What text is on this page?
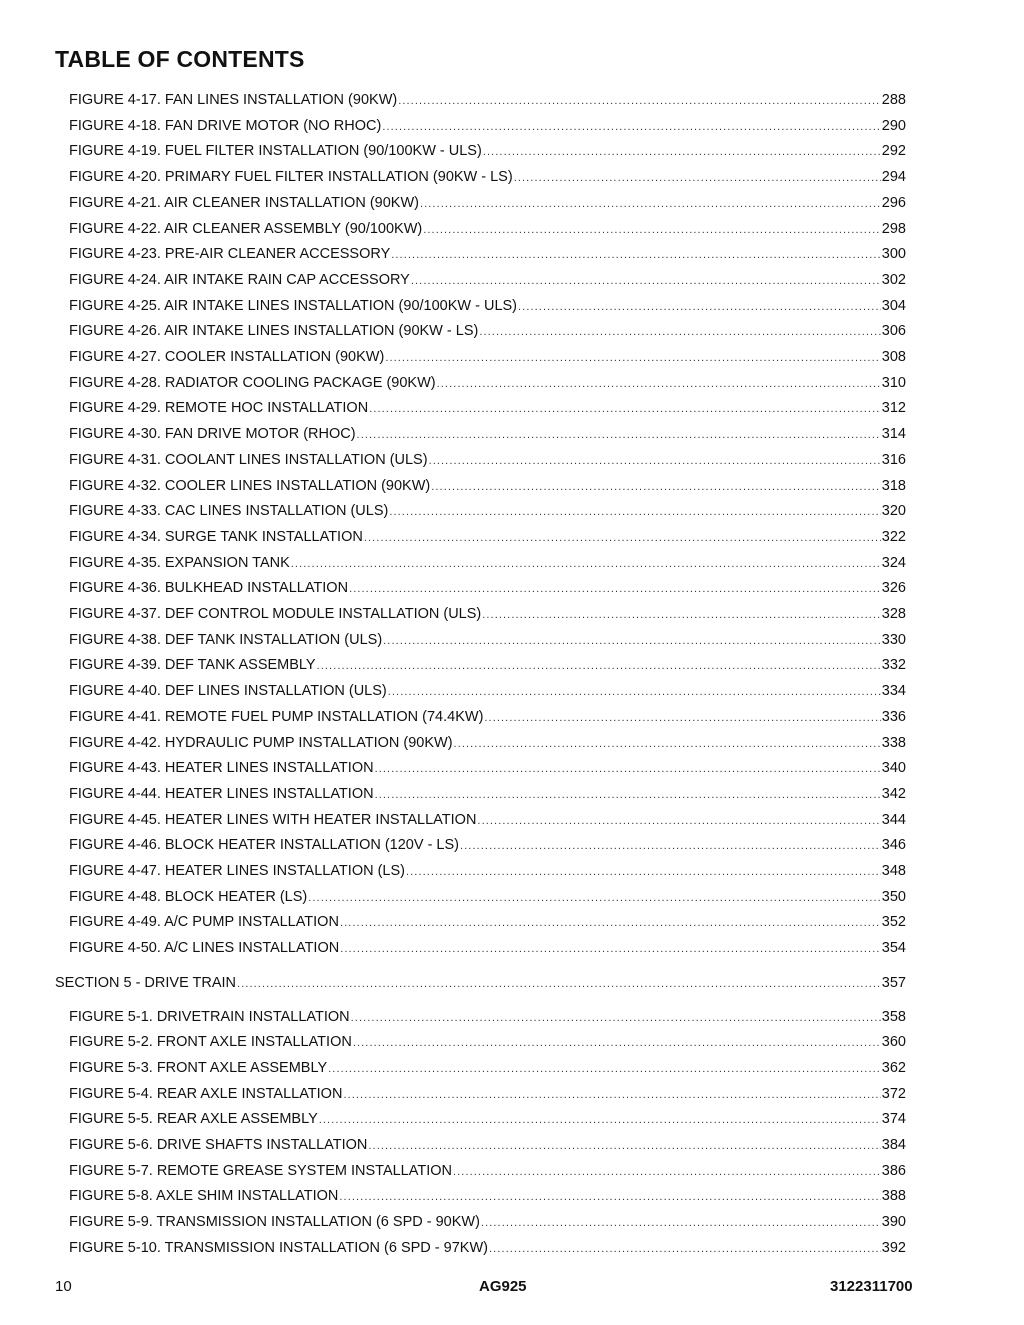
TABLE OF CONTENTS
FIGURE 4-17. FAN LINES INSTALLATION (90KW) .....	288
FIGURE 4-18. FAN DRIVE MOTOR (NO RHOC) .....	290
FIGURE 4-19. FUEL FILTER INSTALLATION (90/100KW - ULS) .....	292
FIGURE 4-20. PRIMARY FUEL FILTER INSTALLATION (90KW - LS) .....	294
FIGURE 4-21. AIR CLEANER INSTALLATION (90KW) .....	296
FIGURE 4-22. AIR CLEANER ASSEMBLY (90/100KW) .....	298
FIGURE 4-23. PRE-AIR CLEANER ACCESSORY .....	300
FIGURE 4-24. AIR INTAKE RAIN CAP ACCESSORY .....	302
FIGURE 4-25. AIR INTAKE LINES INSTALLATION (90/100KW - ULS) .....	304
FIGURE 4-26. AIR INTAKE LINES INSTALLATION (90KW - LS) .....	306
FIGURE 4-27. COOLER INSTALLATION (90KW) .....	308
FIGURE 4-28. RADIATOR COOLING PACKAGE (90KW) .....	310
FIGURE 4-29. REMOTE HOC INSTALLATION .....	312
FIGURE 4-30. FAN DRIVE MOTOR (RHOC) .....	314
FIGURE 4-31. COOLANT LINES INSTALLATION (ULS) .....	316
FIGURE 4-32. COOLER LINES INSTALLATION (90KW) .....	318
FIGURE 4-33. CAC LINES INSTALLATION (ULS) .....	320
FIGURE 4-34. SURGE TANK INSTALLATION .....	322
FIGURE 4-35. EXPANSION TANK .....	324
FIGURE 4-36. BULKHEAD INSTALLATION .....	326
FIGURE 4-37. DEF CONTROL MODULE INSTALLATION (ULS) .....	328
FIGURE 4-38. DEF TANK INSTALLATION (ULS) .....	330
FIGURE 4-39. DEF TANK ASSEMBLY .....	332
FIGURE 4-40. DEF LINES INSTALLATION (ULS) .....	334
FIGURE 4-41. REMOTE FUEL PUMP INSTALLATION (74.4KW) .....	336
FIGURE 4-42. HYDRAULIC PUMP INSTALLATION (90KW) .....	338
FIGURE 4-43. HEATER LINES INSTALLATION .....	340
FIGURE 4-44. HEATER LINES INSTALLATION .....	342
FIGURE 4-45. HEATER LINES WITH HEATER INSTALLATION .....	344
FIGURE 4-46. BLOCK HEATER INSTALLATION (120V - LS) .....	346
FIGURE 4-47. HEATER LINES INSTALLATION (LS) .....	348
FIGURE 4-48. BLOCK HEATER (LS) .....	350
FIGURE 4-49. A/C PUMP INSTALLATION .....	352
FIGURE 4-50. A/C LINES INSTALLATION .....	354
SECTION 5 - DRIVE TRAIN .....	357
FIGURE 5-1. DRIVETRAIN INSTALLATION .....	358
FIGURE 5-2. FRONT AXLE INSTALLATION .....	360
FIGURE 5-3. FRONT AXLE ASSEMBLY .....	362
FIGURE 5-4. REAR AXLE INSTALLATION .....	372
FIGURE 5-5. REAR AXLE ASSEMBLY .....	374
FIGURE 5-6. DRIVE SHAFTS INSTALLATION .....	384
FIGURE 5-7. REMOTE GREASE SYSTEM INSTALLATION .....	386
FIGURE 5-8. AXLE SHIM INSTALLATION .....	388
FIGURE 5-9. TRANSMISSION INSTALLATION (6 SPD - 90KW) .....	390
FIGURE 5-10. TRANSMISSION INSTALLATION (6 SPD - 97KW) .....	392
10	AG925	3122311700
